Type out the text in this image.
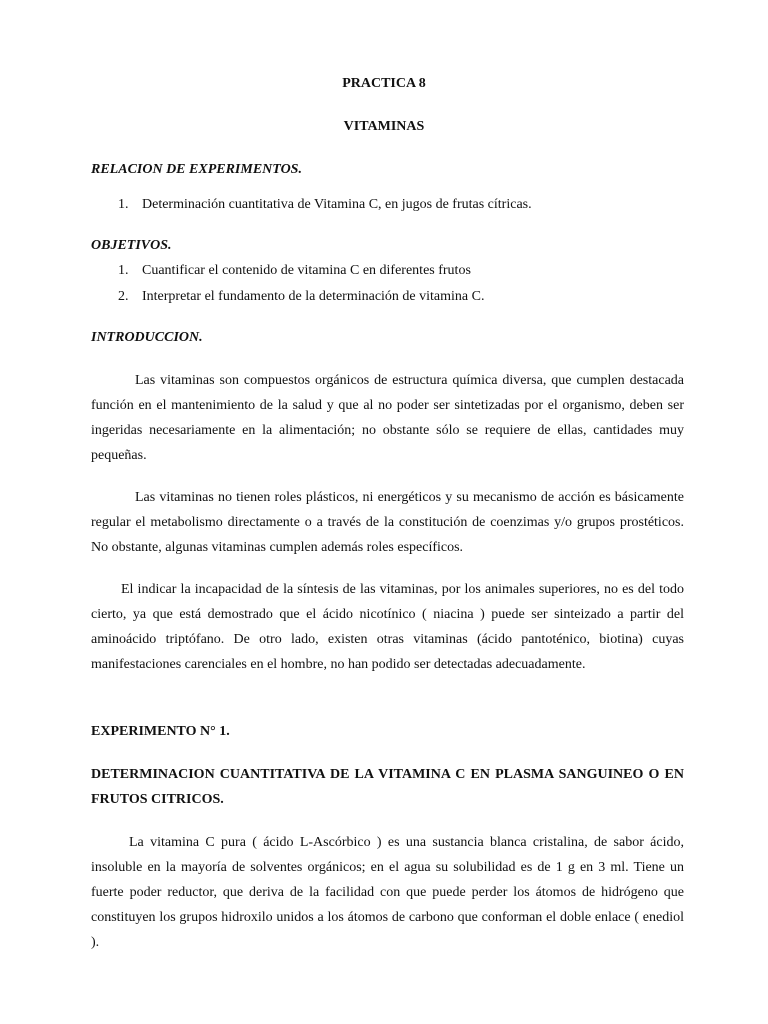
PRACTICA 8
VITAMINAS
RELACION DE EXPERIMENTOS.
1. Determinación cuantitativa de Vitamina C, en jugos de frutas cítricas.
OBJETIVOS.
1. Cuantificar el contenido de vitamina C en diferentes frutos
2. Interpretar el fundamento de la determinación de vitamina C.
INTRODUCCION.
Las vitaminas son compuestos orgánicos de estructura química diversa, que cumplen destacada función en el mantenimiento de la salud y que al no poder ser sintetizadas por el organismo, deben ser ingeridas necesariamente en la alimentación; no obstante sólo se requiere de ellas, cantidades muy pequeñas.
Las vitaminas no tienen roles plásticos, ni energéticos y su mecanismo de acción es básicamente regular el metabolismo directamente o a través de la constitución de coenzimas y/o grupos prostéticos. No obstante, algunas vitaminas cumplen además roles específicos.
El indicar la incapacidad de la síntesis de las vitaminas, por los animales superiores, no es del todo cierto, ya que está demostrado que el ácido nicotínico ( niacina ) puede ser sinteizado a partir del aminoácido triptófano. De otro lado, existen otras vitaminas (ácido pantoténico, biotina) cuyas manifestaciones carenciales en el hombre, no han podido ser detectadas adecuadamente.
EXPERIMENTO N° 1.
DETERMINACION CUANTITATIVA DE LA VITAMINA C EN PLASMA SANGUINEO O EN FRUTOS CITRICOS.
La vitamina C pura ( ácido L-Ascórbico ) es una sustancia blanca cristalina, de sabor ácido, insoluble en la mayoría de solventes orgánicos; en el agua su solubilidad es de 1 g en 3 ml. Tiene un fuerte poder reductor, que deriva de la facilidad con que puede perder los átomos de hidrógeno que constituyen los grupos hidroxilo unidos a los átomos de carbono que conforman el doble enlace ( enediol ).
